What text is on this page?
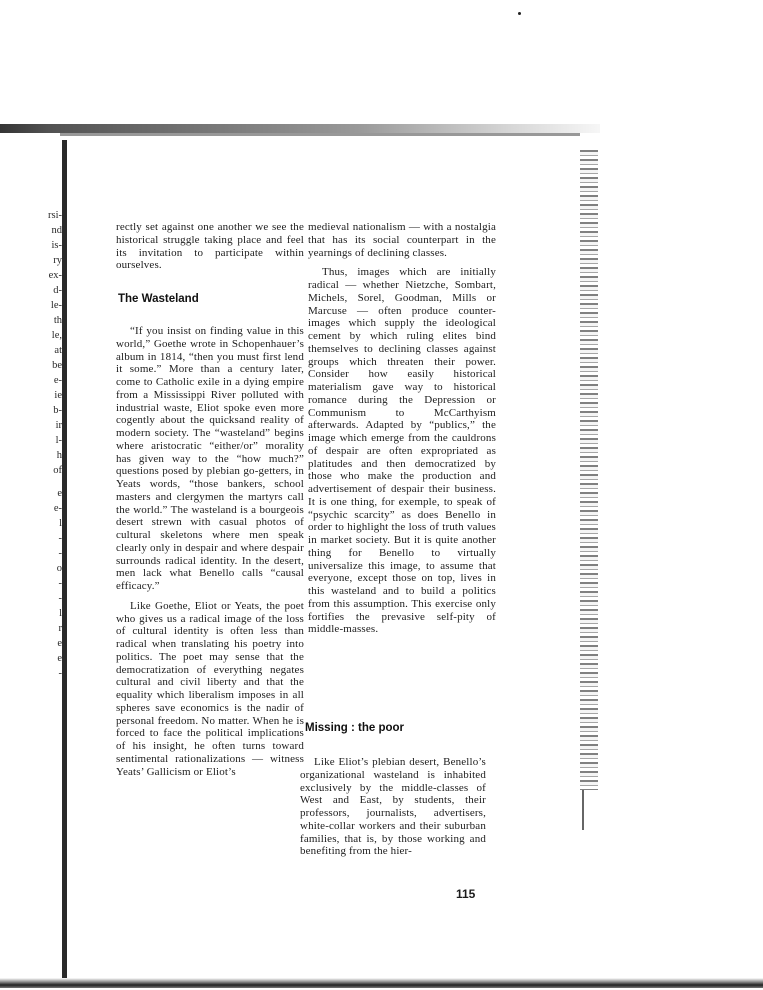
rsi-
nd
is-
ry
ex-
d-
le-
th
le,
at
be
e-
ie
b-
ir
l-
h
of
e
e-
l
-
-
o
-
-
l
r
e
e
-

rectly set against one another we see the historical struggle taking place and feel its invitation to participate within ourselves.

The Wasteland

“If you insist on finding value in this world,” Goethe wrote in Schopenhauer’s album in 1814, “then you must first lend it some.” More than a century later, come to Catholic exile in a dying empire from a Mississippi River polluted with industrial waste, Eliot spoke even more cogently about the quicksand reality of modern society. The “wasteland” begins where aristocratic “either/or” morality has given way to the “how much?” questions posed by plebian go-getters, in Yeats words, “those bankers, school masters and clergymen the martyrs call the world.” The wasteland is a bourgeois desert strewn with casual photos of cultural skeletons where men speak clearly only in despair and where despair surrounds radical identity. In the desert, men lack what Benello calls “causal efficacy.”

Like Goethe, Eliot or Yeats, the poet who gives us a radical image of the loss of cultural identity is often less than radical when translating his poetry into politics. The poet may sense that the democratization of everything negates cultural and civil liberty and that the equality which liberalism imposes in all spheres save economics is the nadir of personal freedom. No matter. When he is forced to face the political implications of his insight, he often turns toward sentimental rationalizations — witness Yeats’ Gallicism or Eliot’s

medieval nationalism — with a nostalgia that has its social counterpart in the yearnings of declining classes.

Thus, images which are initially radical — whether Nietzche, Sombart, Michels, Sorel, Goodman, Mills or Marcuse — often produce counter-images which supply the ideological cement by which ruling elites bind themselves to declining classes against groups which threaten their power. Consider how easily historical materialism gave way to historical romance during the Depression or Communism to McCarthyism afterwards. Adapted by “publics,” the image which emerge from the cauldrons of despair are often expropriated as platitudes and then democratized by those who make the production and advertisement of despair their business. It is one thing, for exemple, to speak of “psychic scarcity” as does Benello in order to highlight the loss of truth values in market society. But it is quite another thing for Benello to virtually universalize this image, to assume that everyone, except those on top, lives in this wasteland and to build a politics from this assumption. This exercise only fortifies the prevasive self-pity of middle-masses.

Missing : the poor

Like Eliot’s plebian desert, Benello’s organizational wasteland is inhabited exclusively by the middle-classes of West and East, by students, their professors, journalists, advertisers, white-collar workers and their suburban families, that is, by those working and benefiting from the hier-

115
